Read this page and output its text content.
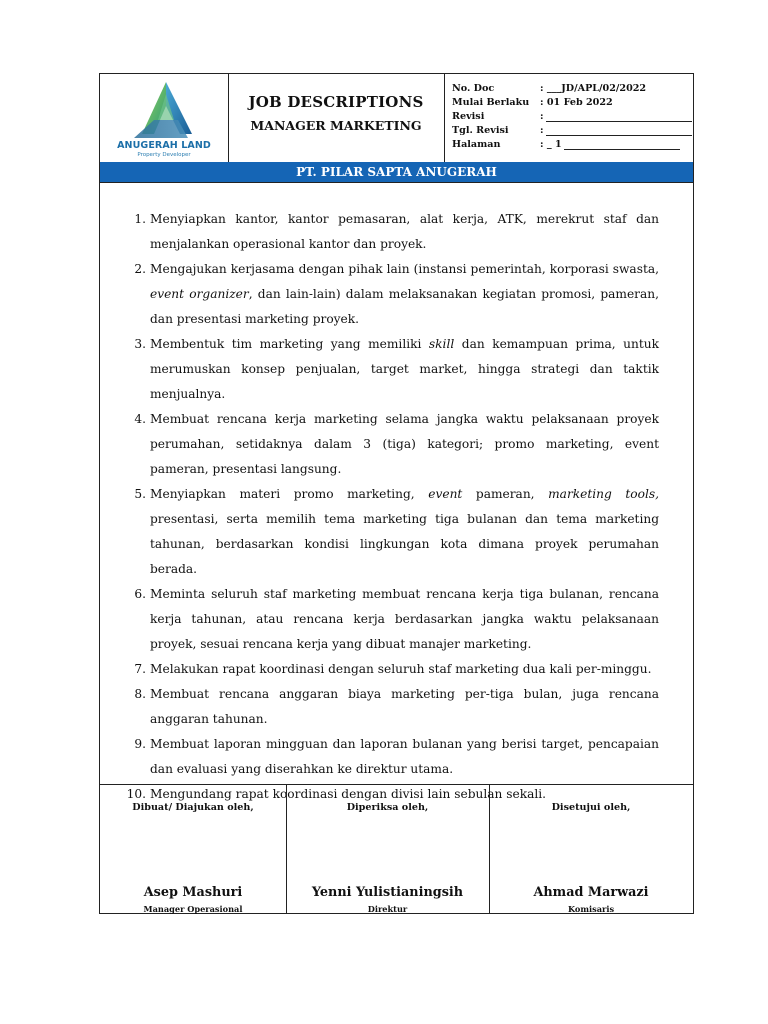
ANUGERAH LAND
Property Developer
JOB DESCRIPTIONS
MANAGER MARKETING
No. Doc	: ___JD/APL/02/2022
Mulai Berlaku : 01 Feb 2022
Revisi	:
Tgl. Revisi	:
Halaman	: _ 1
PT. PILAR SAPTA ANUGERAH
1. Menyiapkan kantor, kantor pemasaran, alat kerja, ATK, merekrut staf dan menjalankan operasional kantor dan proyek.
2. Mengajukan kerjasama dengan pihak lain (instansi pemerintah, korporasi swasta, event organizer, dan lain-lain) dalam melaksanakan kegiatan promosi, pameran, dan presentasi marketing proyek.
3. Membentuk tim marketing yang memiliki skill dan kemampuan prima, untuk merumuskan konsep penjualan, target market, hingga strategi dan taktik menjualnya.
4. Membuat rencana kerja marketing selama jangka waktu pelaksanaan proyek perumahan, setidaknya dalam 3 (tiga) kategori; promo marketing, event pameran, presentasi langsung.
5. Menyiapkan materi promo marketing, event pameran, marketing tools, presentasi, serta memilih tema marketing tiga bulanan dan tema marketing tahunan, berdasarkan kondisi lingkungan kota dimana proyek perumahan berada.
6. Meminta seluruh staf marketing membuat rencana kerja tiga bulanan, rencana kerja tahunan, atau rencana kerja berdasarkan jangka waktu pelaksanaan proyek, sesuai rencana kerja yang dibuat manajer marketing.
7. Melakukan rapat koordinasi dengan seluruh staf marketing dua kali per-minggu.
8. Membuat rencana anggaran biaya marketing per-tiga bulan, juga rencana anggaran tahunan.
9. Membuat laporan mingguan dan laporan bulanan yang berisi target, pencapaian dan evaluasi yang diserahkan ke direktur utama.
10. Mengundang rapat koordinasi dengan divisi lain sebulan sekali.
Dibuat/ Diajukan oleh,
Asep Mashuri
Manager Operasional
Diperiksa oleh,
Yenni Yulistianingsih
Direktur
Disetujui oleh,
Ahmad Marwazi
Komisaris
